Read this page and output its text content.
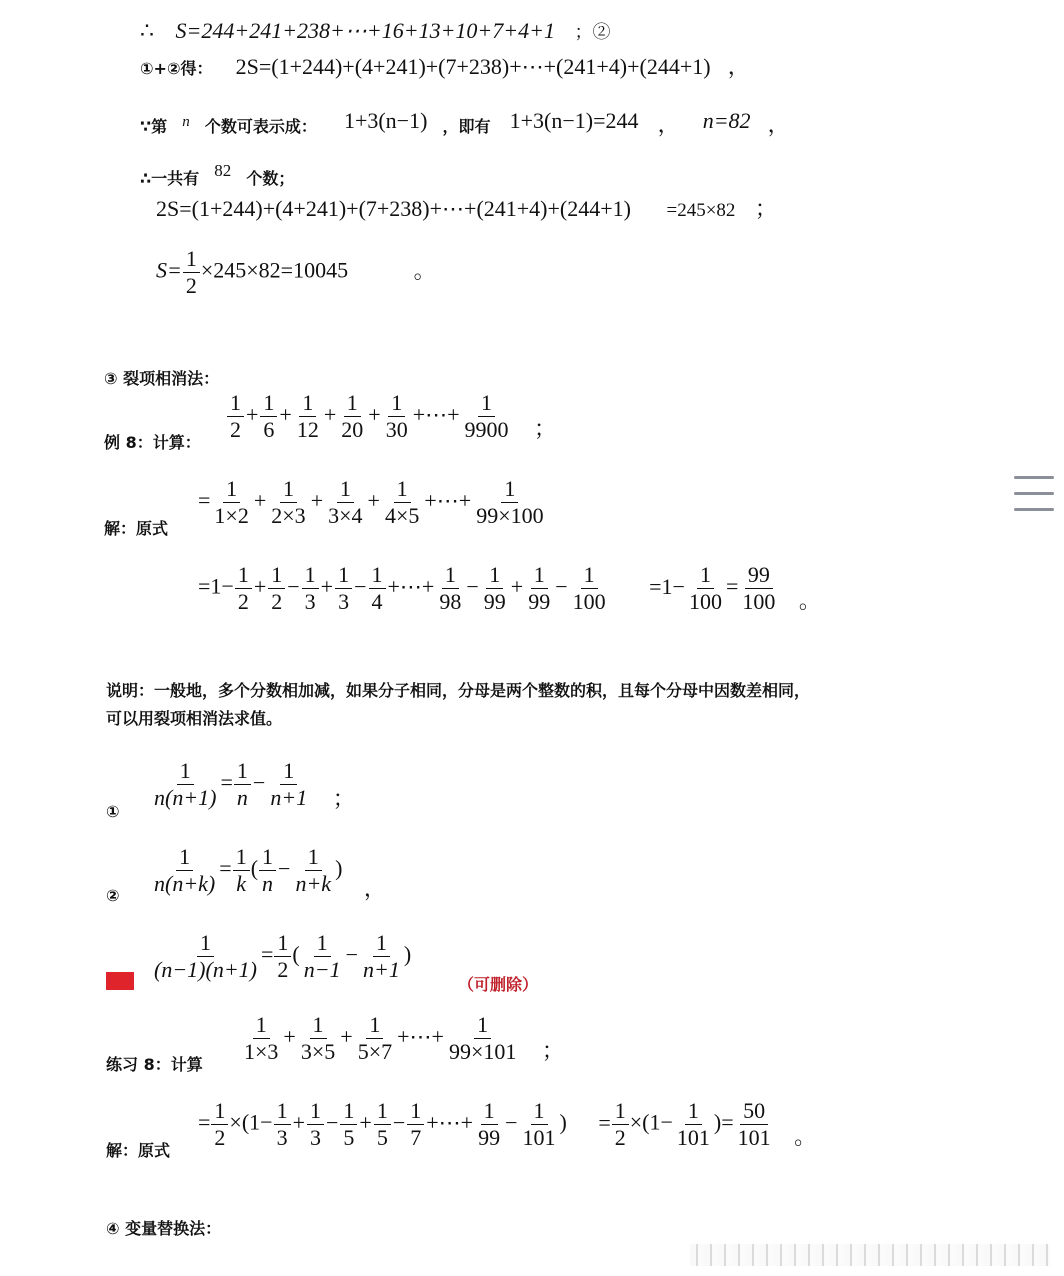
∴ S=244+241+238+⋯+16+13+10+7+4+1 ；②
①+②得： 2S=(1+244)+(4+241)+(7+238)+⋯+(241+4)+(244+1) ，
∵第 n 个数可表示成： 1+3(n−1) ，即有 1+3(n−1)=244 ， n=82 ，
∴一共有 82 个数；
2S=(1+244)+(4+241)+(7+238)+⋯+(241+4)+(244+1) =245×82 ；
$S= \frac{1}{2} \times 245\times 82=10045$	。
③ 裂项相消法：
例 8：计算： $\frac{1}{2} + \frac{1}{6} + \frac{1}{12} + \frac{1}{20} + \frac{1}{30}$ +⋯+ $\frac{1}{9900}$ ；
解：原式
= $\frac{1}{1\times 2} + \frac{1}{2\times 3} + \frac{1}{3\times 4} + \frac{1}{4\times 5}$ +⋯+ $\frac{1}{99\times 100}$
$=1- \frac{1}{2} + \frac{1}{2} - \frac{1}{3} + \frac{1}{3} - \frac{1}{4}$ +⋯+ $\frac{1}{98} - \frac{1}{99} + \frac{1}{99} - \frac{1}{100} =1- \frac{1}{100} = \frac{99}{100}$ 。
说明：一般地，多个分数相加减，如果分子相同，分母是两个整数的积，且每个分母中因数差相同，
可以用裂项相消法求值。
①
$\frac{1}{n(n+1)} = \frac{1}{n} - \frac{1}{n+1}$ ；
② $\frac{1}{n(n+k)} = \frac{1}{k}$ ( $\frac{1}{n} - \frac{1}{n+k}$ ) ，
$\frac{1}{(n-1)(n+1)} = \frac{1}{2}$ ( $\frac{1}{n-1} - \frac{1}{n+1}$ )
（可删除）
练习 8：计算 $\frac{1}{1\times 3} + \frac{1}{3\times 5} + \frac{1}{5\times 7}$ +⋯+ $\frac{1}{99\times 101}$ ；
解：原式
= $\frac{1}{2} \times(1- \frac{1}{3} + \frac{1}{3} - \frac{1}{5} + \frac{1}{5} - \frac{1}{7}$ +⋯+ $\frac{1}{99} - \frac{1}{101}$ ) = $\frac{1}{2} \times(1- \frac{1}{101}$ )= $\frac{50}{101}$ 。
④ 变量替换法：
